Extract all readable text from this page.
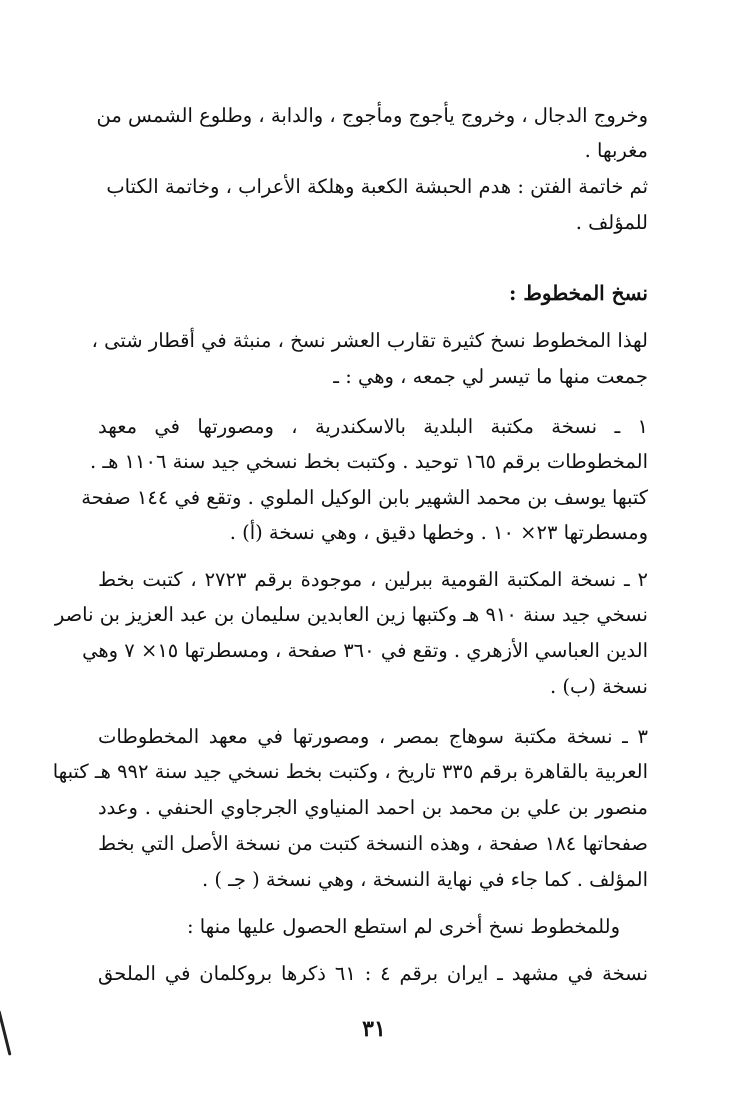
وخروج الدجال ، وخروج يأجوج ومأجوج ، والدابة ، وطلوع الشمس من
مغربها .
ثم خاتمة الفتن : هدم الحبشة الكعبة وهلكة الأعراب ، وخاتمة الكتاب
للمؤلف .
نسخ المخطوط :
لهذا المخطوط نسخ كثيرة تقارب العشر نسخ ، منبثة في أقطار شتى ،
جمعت منها ما تيسر لي جمعه ، وهي : ـ
١ ـ نسخة مكتبة البلدية بالاسكندرية ، ومصورتها في معهد
المخطوطات برقم ١٦٥ توحيد . وكتبت بخط نسخي جيد سنة ١١٠٦ هـ .
كتبها يوسف بن محمد الشهير بابن الوكيل الملوي . وتقع في ١٤٤ صفحة
ومسطرتها ٢٣× ١٠ . وخطها دقيق ، وهي نسخة (أ) .
٢ ـ نسخة المكتبة القومية ببرلين ، موجودة برقم ٢٧٢٣ ، كتبت بخط
نسخي جيد سنة ٩١٠ هـ وكتبها زين العابدين سليمان بن عبد العزيز بن ناصر
الدين العباسي الأزهري . وتقع في ٣٦٠ صفحة ، ومسطرتها ١٥× ٧ وهي
نسخة (ب) .
٣ ـ نسخة مكتبة سوهاج بمصر ، ومصورتها في معهد المخطوطات
العربية بالقاهرة برقم ٣٣٥ تاريخ ، وكتبت بخط نسخي جيد سنة ٩٩٢ هـ كتبها
منصور بن علي بن محمد بن احمد المنياوي الجرجاوي الحنفي . وعدد
صفحاتها ١٨٤ صفحة ، وهذه النسخة كتبت من نسخة الأصل التي بخط
المؤلف . كما جاء في نهاية النسخة ، وهي نسخة ( جـ ) .
وللمخطوط نسخ أخرى لم استطع الحصول عليها منها :
نسخة في مشهد ـ ايران برقم ٤ : ٦١ ذكرها بروكلمان في الملحق
٣١
